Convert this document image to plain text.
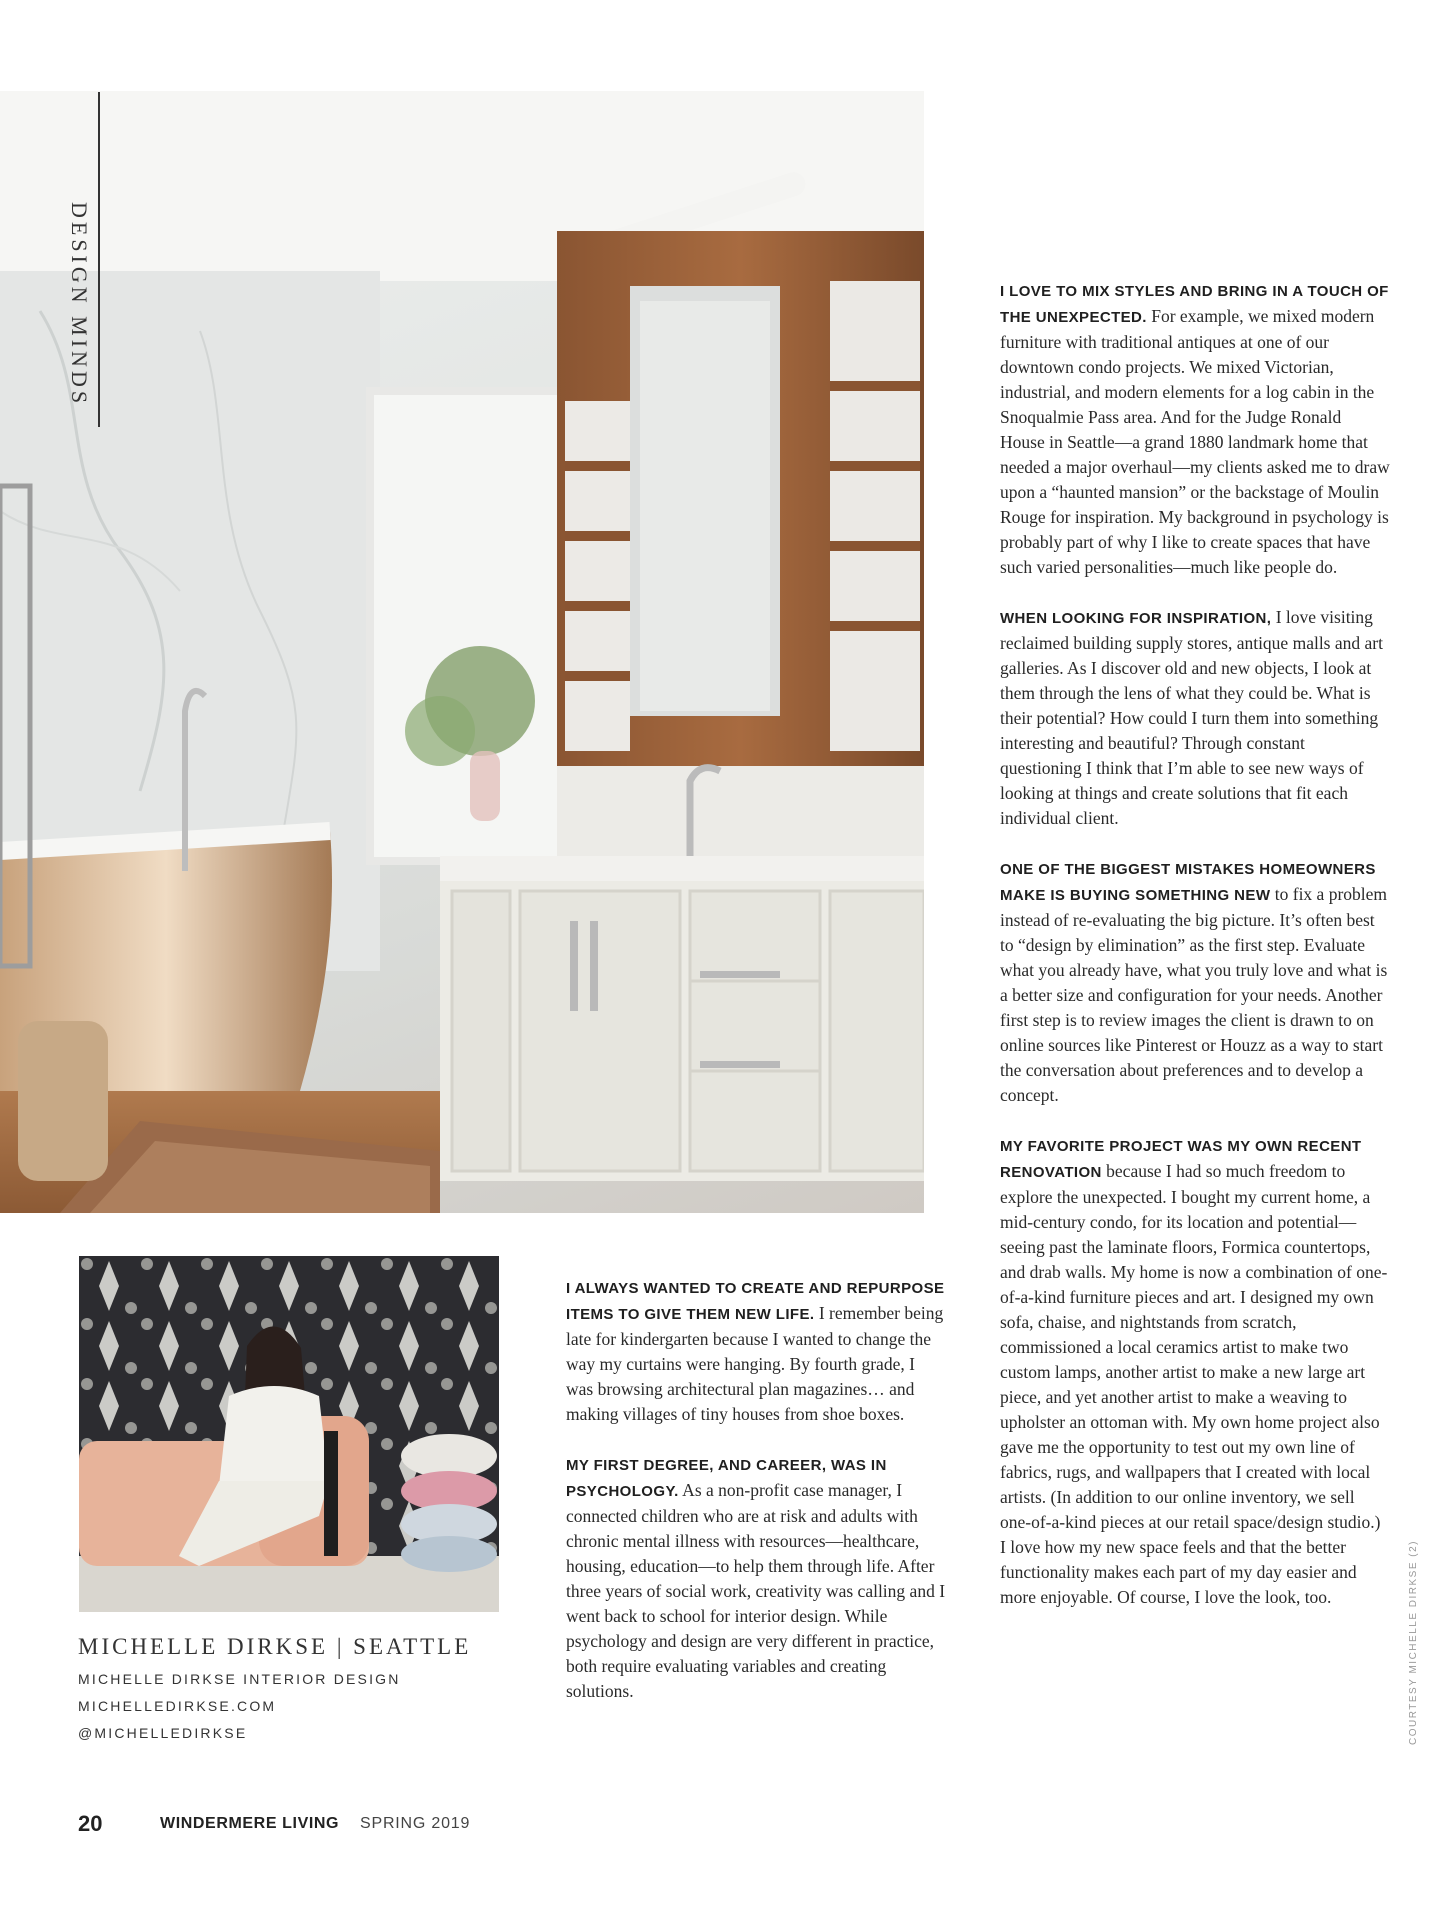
DESIGN MINDS
MICHELLE DIRKSE | SEATTLE
MICHELLE DIRKSE INTERIOR DESIGN
MICHELLEDIRKSE.COM
@MICHELLEDIRKSE

I ALWAYS WANTED TO CREATE AND REPURPOSE ITEMS TO GIVE THEM NEW LIFE. I remember being late for kindergarten because I wanted to change the way my curtains were hanging. By fourth grade, I was browsing architectural plan magazines… and making villages of tiny houses from shoe boxes.

MY FIRST DEGREE, AND CAREER, WAS IN PSYCHOLOGY. As a non-profit case manager, I connected children who are at risk and adults with chronic mental illness with resources—healthcare, housing, education—to help them through life. After three years of social work, creativity was calling and I went back to school for interior design. While psychology and design are very different in practice, both require evaluating variables and creating solutions.

I LOVE TO MIX STYLES AND BRING IN A TOUCH OF THE UNEXPECTED. For example, we mixed modern furniture with traditional antiques at one of our downtown condo projects. We mixed Victorian, industrial, and modern elements for a log cabin in the Snoqualmie Pass area. And for the Judge Ronald House in Seattle—a grand 1880 landmark home that needed a major overhaul—my clients asked me to draw upon a “haunted mansion” or the backstage of Moulin Rouge for inspiration. My background in psychology is probably part of why I like to create spaces that have such varied personalities—much like people do.

WHEN LOOKING FOR INSPIRATION, I love visiting reclaimed building supply stores, antique malls and art galleries. As I discover old and new objects, I look at them through the lens of what they could be. What is their potential? How could I turn them into something interesting and beautiful? Through constant questioning I think that I’m able to see new ways of looking at things and create solutions that fit each individual client.

ONE OF THE BIGGEST MISTAKES HOMEOWNERS MAKE IS BUYING SOMETHING NEW to fix a problem instead of re-evaluating the big picture. It’s often best to “design by elimination” as the first step. Evaluate what you already have, what you truly love and what is a better size and configuration for your needs. Another first step is to review images the client is drawn to on online sources like Pinterest or Houzz as a way to start the conversation about preferences and to develop a concept.

MY FAVORITE PROJECT WAS MY OWN RECENT RENOVATION because I had so much freedom to explore the unexpected. I bought my current home, a mid-century condo, for its location and potential—seeing past the laminate floors, Formica countertops, and drab walls. My home is now a combination of one-of-a-kind furniture pieces and art. I designed my own sofa, chaise, and nightstands from scratch, commissioned a local ceramics artist to make two custom lamps, another artist to make a new large art piece, and yet another artist to make a weaving to upholster an ottoman with. My own home project also gave me the opportunity to test out my own line of fabrics, rugs, and wallpapers that I created with local artists. (In addition to our online inventory, we sell one-of-a-kind pieces at our retail space/design studio.) I love how my new space feels and that the better functionality makes each part of my day easier and more enjoyable. Of course, I love the look, too.	COURTESY MICHELLE DIRKSE (2)
20	WINDERMERE LIVING SPRING 2019
